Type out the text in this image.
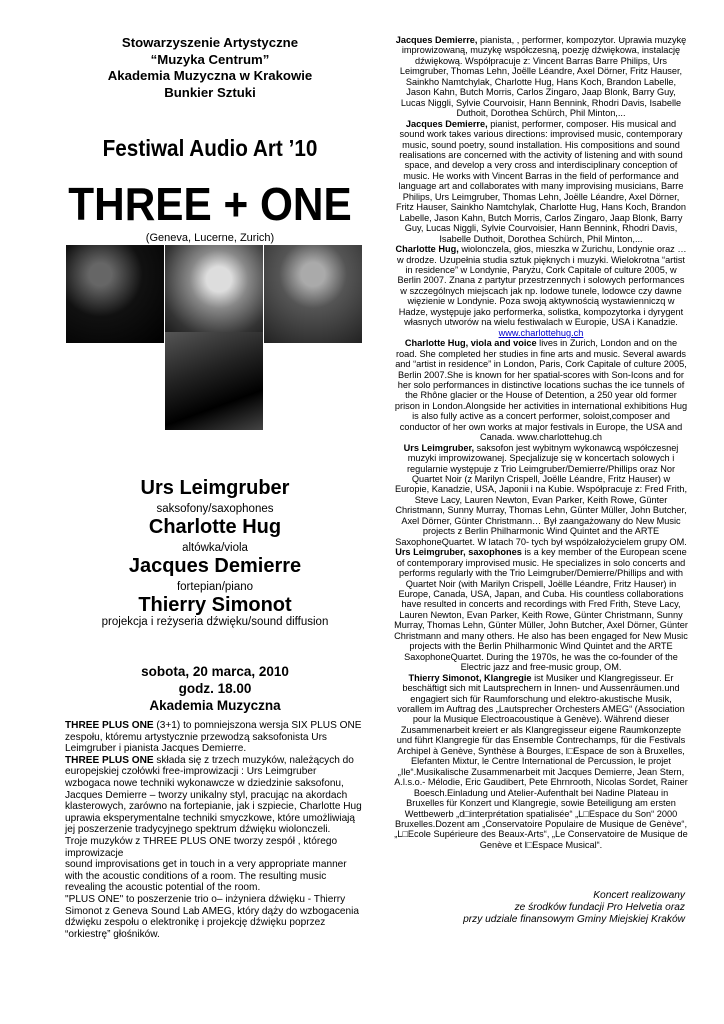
Stowarzyszenie Artystyczne
“Muzyka Centrum”
Akademia Muzyczna w Krakowie
Bunkier Sztuki
Festiwal Audio Art ’10
THREE + ONE
(Geneva, Lucerne, Zurich)
Urs Leimgruber
saksofony/saxophones
Charlotte Hug
altówka/viola
Jacques Demierre
fortepian/piano
Thierry Simonot
projekcja i reżyseria dźwięku/sound diffusion
sobota, 20 marca, 2010
godz. 18.00
Akademia Muzyczna

THREE PLUS ONE (3+1) to pomniejszona wersja SIX PLUS ONE zespołu, któremu artystycznie przewodzą saksofonista Urs Leimgruber i pianista Jacques Demierre.

THREE PLUS ONE składa się z trzech muzyków, należących do europejskiej czołówki free-improwizacji : Urs Leimgruber wzbogaca nowe techniki wykonawcze w dziedzinie saksofonu, Jacques Demierre – tworzy unikalny styl, pracując na akordach klasterowych, zarówno na fortepianie, jak i szpiecie, Charlotte Hug uprawia eksperymentalne techniki smyczkowe, które umożliwiają jej poszerzenie tradycyjnego spektrum dźwięku wiolonczeli.

Troje muzyków z THREE PLUS ONE tworzy zespół , którego improwizacje

sound improvisations get in touch in a very appropriate manner with the acoustic conditions of a room. The resulting music revealing the acoustic potential of the room.

"PLUS ONE" to poszerzenie trio o– inżyniera dźwięku - Thierry Simonot z Geneva Sound Lab AMEG, który dąży do wzbogacenia dźwięku zespołu o elektronikę i projekcję dźwięku poprzez “orkiestrę” głośników.

Jacques Demierre, pianista, , performer, kompozytor. Uprawia muzykę improwizowaną, muzykę współczesną, poezję dźwiękowa, instalację dźwiękową. Współpracuje z: Vincent Barras Barre Philips, Urs Leimgruber, Thomas Lehn, Joëlle Léandre, Axel Dörner, Fritz Hauser, Sainkho Namtchylak, Charlotte Hug, Hans Koch, Brandon Labelle, Jason Kahn, Butch Morris, Carlos Zingaro, Jaap Blonk, Barry Guy, Lucas Niggli, Sylvie Courvoisir, Hann Bennink, Rhodri Davis, Isabelle Duthoit, Dorothea Schürch, Phil Minton,...

Jacques Demierre, pianist, performer, composer. His musical and sound work takes various directions: improvised music, contemporary music, sound poetry, sound installation. His compositions and sound realisations are concerned with the activity of listening and with sound space, and develop a very cross and interdisciplinary conception of music. He works with Vincent Barras in the field of performance and language art and collaborates with many improvising musicians, Barre Philips, Urs Leimgruber, Thomas Lehn, Joëlle Léandre, Axel Dörner, Fritz Hauser, Sainkho Namtchylak, Charlotte Hug, Hans Koch, Brandon Labelle, Jason Kahn, Butch Morris, Carlos Zingaro, Jaap Blonk, Barry Guy, Lucas Niggli, Sylvie Courvoisier, Hann Bennink, Rhodri Davis, Isabelle Duthoit, Dorothea Schürch, Phil Minton,...

Charlotte Hug, wiolonczela, głos, mieszka w Zurichu, Londynie oraz …w drodze. Uzupełnia studia sztuk pięknych i muzyki. Wielokrotna “artist in residence” w Londynie, Paryżu, Cork Capitale of culture 2005, w Berlin 2007. Znana z partytur przestrzennych i solowych performances w szczególnych miejscach jak np. lodowe tunele, lodowce czy dawne więzienie w Londynie. Poza swoją aktywnością wystawienniczq w Hadze, występuje jako performerka, solistka, kompozytorka i dyrygent własnych utworów na wielu festiwalach w Europie, USA i Kanadzie. www.charlottehug.ch

Charlotte Hug, viola and voice lives in Zurich, London and on the road. She completed her studies in fine arts and music. Several awards and “artist in residence” in London, Paris, Cork Capitale of culture 2005, Berlin 2007.She is known for her spatial-scores with Son-Icons and for her solo performances in distinctive locations suchas the ice tunnels of the Rhône glacier or the House of Detention, a 250 year old former prison in London.Alongside her activities in international exhibitions Hug is also fully active as a concert performer, soloist,composer and conductor of her own works at major festivals in Europe, the USA and Canada. www.charlottehug.ch

Urs Leimgruber, saksofon jest wybitnym wykonawcą współczesnej muzyki improwizowanej. Specjalizuje się w koncertach solowych i regularnie występuje z Trio Leimgruber/Demierre/Phillips oraz Nor Quartet Noir (z Marilyn Crispell, Joëlle Léandre, Fritz Hauser) w Europie, Kanadzie, USA, Japonii i na Kubie. Współpracuje z: Fred Frith, Steve Lacy, Lauren Newton, Evan Parker, Keith Rowe, Günter Christmann, Sunny Murray, Thomas Lehn, Günter Müller, John Butcher, Axel Dörner, Günter Christmann… Był zaangażowany do New Music projects z Berlin Philharmonic Wind Quintet and the ARTE SaxophoneQuartet. W latach 70- tych był współzałożycielem grupy OM.

Urs Leimgruber, saxophones is a key member of the European scene of contemporary improvised music. He specializes in solo concerts and performs regularly with the Trio Leimgruber/Demierre/Phillips and with Quartet Noir (with Marilyn Crispell, Joëlle Léandre, Fritz Hauser) in Europe, Canada, USA, Japan, and Cuba. His countless collaborations have resulted in concerts and recordings with Fred Frith, Steve Lacy, Lauren Newton, Evan Parker, Keith Rowe, Günter Christmann, Sunny Murray, Thomas Lehn, Günter Müller, John Butcher, Axel Dörner, Günter Christmann and many others. He also has been engaged for New Music projects with the Berlin Philharmonic Wind Quintet and the ARTE SaxophoneQuartet. During the 1970s, he was the co-founder of the Electric jazz and free-music group, OM.

Thierry Simonot, Klangregie ist Musiker und Klangregisseur. Er beschäftigt sich mit Lautsprechern in Innen- und Aussenräumen.und engagiert sich für Raumforschung und elektro-akustische Musik, vorallem im Auftrag des „Lautsprecher Orchesters AMEG“ (Association pour la Musique Electroacoustique à Genève). Während dieser Zusammenarbeit kreiert er als Klangregisseur eigene Raumkonzepte und führt Klangregie für das Ensemble Contrechamps, für die Festivals Archipel à Genève, Synthèse à Bourges, l□Espace de son à Bruxelles, Elefanten Mixtur, le Centre International de Percussion, le projet „Ile“.Musikalische Zusammenarbeit mit Jacques Demierre, Jean Stern, A.l.s.o.- Mélodie, Eric Gaudibert, Pete Ehrnrooth, Nicolas Sordet, Rainer Boesch.Einladung und Atelier-Aufenthalt bei Nadine Plateau in Bruxelles für Konzert und Klangregie, sowie Beteiligung am ersten Wettbewerb „d□interprétation spatialisée“ „L□Espace du Son“ 2000 Bruxelles.Dozent am „Conservatoire Populaire de Musique de Genève“, „L□Ecole Supérieure des Beaux-Arts“, „Le Conservatoire de Musique de Genève et l□Espace Musical“.

Koncert realizowany
ze środków fundacji Pro Helvetia oraz
przy udziale finansowym Gminy Miejskiej Kraków
